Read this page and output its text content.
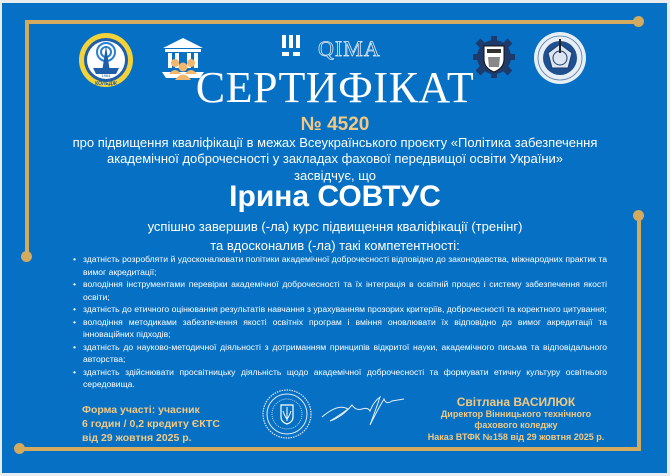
1964
КОЛЕДЖ
QIMA
СЕРТИФІКАТ
№ 4520
про підвищення кваліфікації в межах Всеукраїнського проєкту «Політика забезпечення академічної доброчесності у закладах фахової передвищої освіти України»
засвідчує, що
Ірина СОВТУС
успішно завершив (-ла) курс підвищення кваліфікації (тренінг)
та вдосконалив (-ла) такі компетентності:
• здатність розробляти й удосконалювати політики академічної доброчесності відповідно до законодавства, міжнародних практик та вимог акредитації;
• володіння інструментами перевірки академічної доброчесності та їх інтеграція в освітній процес і систему забезпечення якості освіти;
• здатність до етичного оцінювання результатів навчання з урахуванням прозорих критеріїв, доброчесності та коректного цитування;
• володіння методиками забезпечення якості освітніх програм і вміння оновлювати їх відповідно до вимог акредитації та інноваційних підходів;
• здатність до науково-методичної діяльності з дотриманням принципів відкритої науки, академічного письма та відповідального авторства;
• здатність здійснювати просвітницьку діяльність щодо академічної доброчесності та формувати етичну культуру освітнього середовища.
Форма участі: учасник
6 годин / 0,2 кредиту ЄКТС
від 29 жовтня 2025 р.
Світлана ВАСИЛЮК
Директор Вінницького технічного
фахового коледжу
Наказ ВТФК №158 від 29 жовтня 2025 р.
